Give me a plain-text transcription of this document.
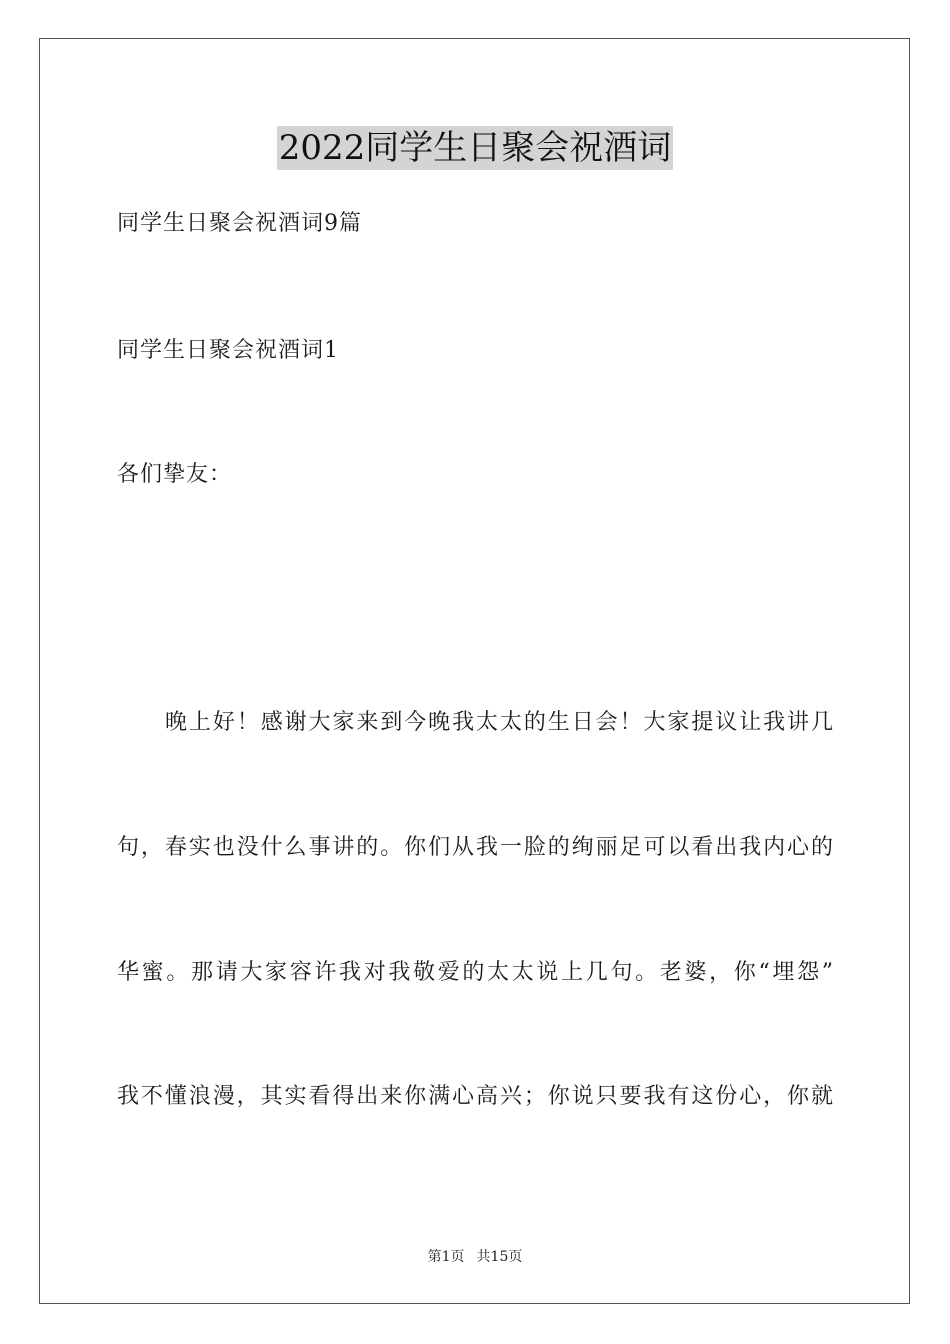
2022同学生日聚会祝酒词
同学生日聚会祝酒词9篇
同学生日聚会祝酒词1
各们挚友：
晚上好！感谢大家来到今晚我太太的生日会！大家提议让我讲几
句，春实也没什么事讲的。你们从我一脸的绚丽足可以看出我内心的
华蜜。那请大家容许我对我敬爱的太太说上几句。老婆，你“埋怨”
我不懂浪漫，其实看得出来你满心高兴；你说只要我有这份心，你就
第1页 共15页
